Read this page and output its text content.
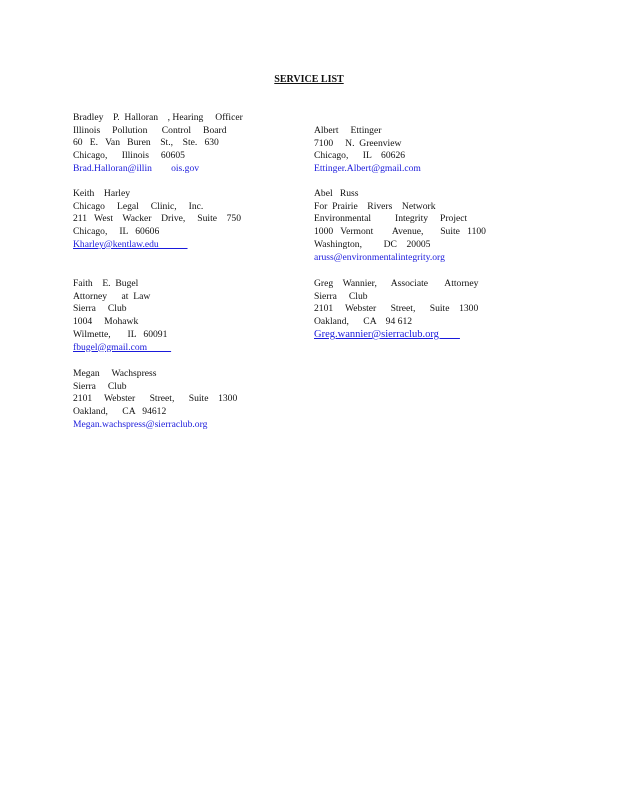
SERVICE LIST
Bradley    P.  Halloran    , Hearing     Officer
Illinois     Pollution      Control     Board
60   E.   Van   Buren    St.,    Ste.   630
Chicago,      Illinois     60605
Brad.Halloran@illin        ois.gov
Keith    Harley
Chicago     Legal     Clinic,     Inc.
211   West    Wacker    Drive,     Suite    750
Chicago,     IL   60606
Kharley@kentlaw.edu
Faith    E.  Bugel
Attorney      at  Law
Sierra     Club
1004     Mohawk
Wilmette,       IL   60091
fbugel@gmail.com
Megan     Wachspress
Sierra     Club
2101     Webster      Street,      Suite    1300
Oakland,      CA   94612
Megan.wachspress@sierraclub.org
Albert     Ettinger
7100     N.  Greenview
Chicago,      IL    60626
Ettinger.Albert@gmail.com
Abel   Russ
For  Prairie    Rivers    Network
Environmental          Integrity     Project
1000   Vermont        Avenue,       Suite   1100
Washington,         DC    20005
aruss@environmentalintegrity.org
Greg    Wannier,      Associate       Attorney
Sierra     Club
2101     Webster      Street,      Suite    1300
Oakland,      CA    94 612
Greg.wannier@sierraclub.org
